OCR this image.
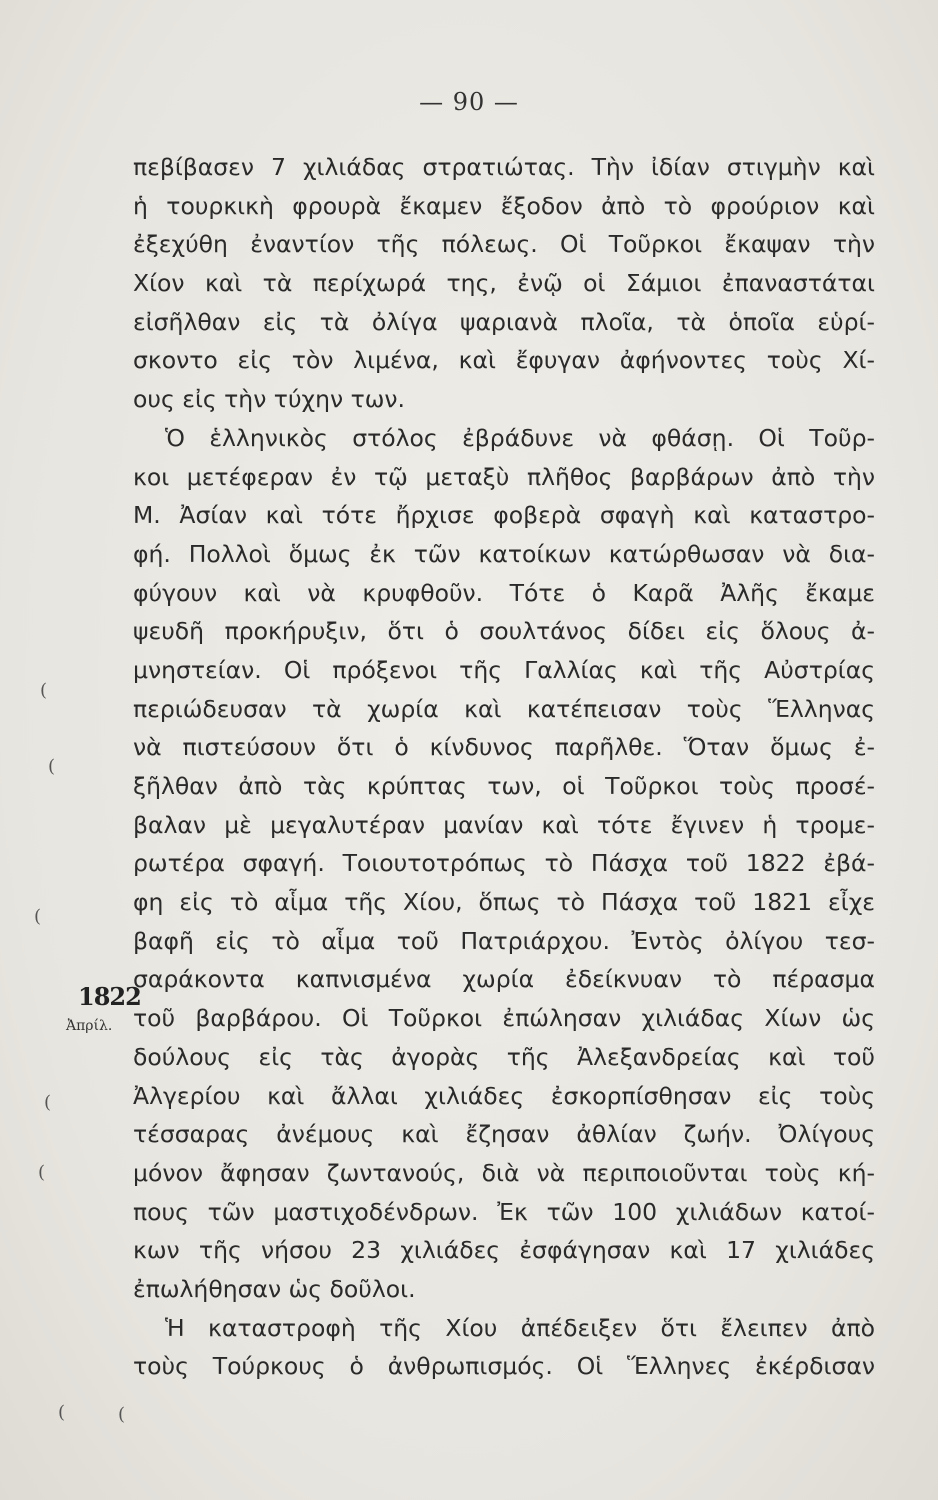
— 90 —
πεβίβασεν 7 χιλιάδας στρατιώτας. Τὴν ἰδίαν στιγμὴν καὶ
ἡ τουρκικὴ φρουρὰ ἔκαμεν ἔξοδον ἀπὸ τὸ φρούριον καὶ
ἐξεχύθη ἐναντίον τῆς πόλεως. Οἱ Τοῦρκοι ἔκαψαν τὴν
Χίον καὶ τὰ περίχωρά της, ἐνῷ οἱ Σάμιοι ἐπαναστάται
εἰσῆλθαν εἰς τὰ ὀλίγα ψαριανὰ πλοῖα, τὰ ὁποῖα εὑρί-
σκοντο εἰς τὸν λιμένα, καὶ ἔφυγαν ἀφήνοντες τοὺς Χί-
ους εἰς τὴν τύχην των.
Ὁ ἑλληνικὸς στόλος ἐβράδυνε νὰ φθάσῃ. Οἱ Τοῦρ-
κοι μετέφεραν ἐν τῷ μεταξὺ πλῆθος βαρβάρων ἀπὸ τὴν
Μ. Ἀσίαν καὶ τότε ἤρχισε φοβερὰ σφαγὴ καὶ καταστρο-
φή. Πολλοὶ ὅμως ἐκ τῶν κατοίκων κατώρθωσαν νὰ δια-
φύγουν καὶ νὰ κρυφθοῦν. Τότε ὁ Καρᾶ Ἀλῆς ἔκαμε
ψευδῆ προκήρυξιν, ὅτι ὁ σουλτάνος δίδει εἰς ὅλους ἀ-
μνηστείαν. Οἱ πρόξενοι τῆς Γαλλίας καὶ τῆς Αὐστρίας
περιώδευσαν τὰ χωρία καὶ κατέπεισαν τοὺς Ἕλληνας
νὰ πιστεύσουν ὅτι ὁ κίνδυνος παρῆλθε. Ὅταν ὅμως ἐ-
ξῆλθαν ἀπὸ τὰς κρύπτας των, οἱ Τοῦρκοι τοὺς προσέ-
βαλαν μὲ μεγαλυτέραν μανίαν καὶ τότε ἔγινεν ἡ τρομε-
ρωτέρα σφαγή. Τοιουτοτρόπως τὸ Πάσχα τοῦ 1822 ἐβά-
φη εἰς τὸ αἷμα τῆς Χίου, ὅπως τὸ Πάσχα τοῦ 1821 εἶχε
βαφῆ εἰς τὸ αἷμα τοῦ Πατριάρχου. Ἐντὸς ὀλίγου τεσ-
σαράκοντα καπνισμένα χωρία ἐδείκνυαν τὸ πέρασμα
τοῦ βαρβάρου. Οἱ Τοῦρκοι ἐπώλησαν χιλιάδας Χίων ὡς
δούλους εἰς τὰς ἀγορὰς τῆς Ἀλεξανδρείας καὶ τοῦ
Ἀλγερίου καὶ ἄλλαι χιλιάδες ἐσκορπίσθησαν εἰς τοὺς
τέσσαρας ἀνέμους καὶ ἔζησαν ἀθλίαν ζωήν. Ὀλίγους
μόνον ἄφησαν ζωντανούς, διὰ νὰ περιποιοῦνται τοὺς κή-
πους τῶν μαστιχοδένδρων. Ἐκ τῶν 100 χιλιάδων κατοί-
κων τῆς νήσου 23 χιλιάδες ἐσφάγησαν καὶ 17 χιλιάδες
ἐπωλήθησαν ὡς δοῦλοι.
Ἡ καταστροφὴ τῆς Χίου ἀπέδειξεν ὅτι ἔλειπεν ἀπὸ
τοὺς Τούρκους ὁ ἀνθρωπισμός. Οἱ Ἕλληνες ἐκέρδισαν
1822
Ἀπρίλ.
(
(
(
(
(
(	(
